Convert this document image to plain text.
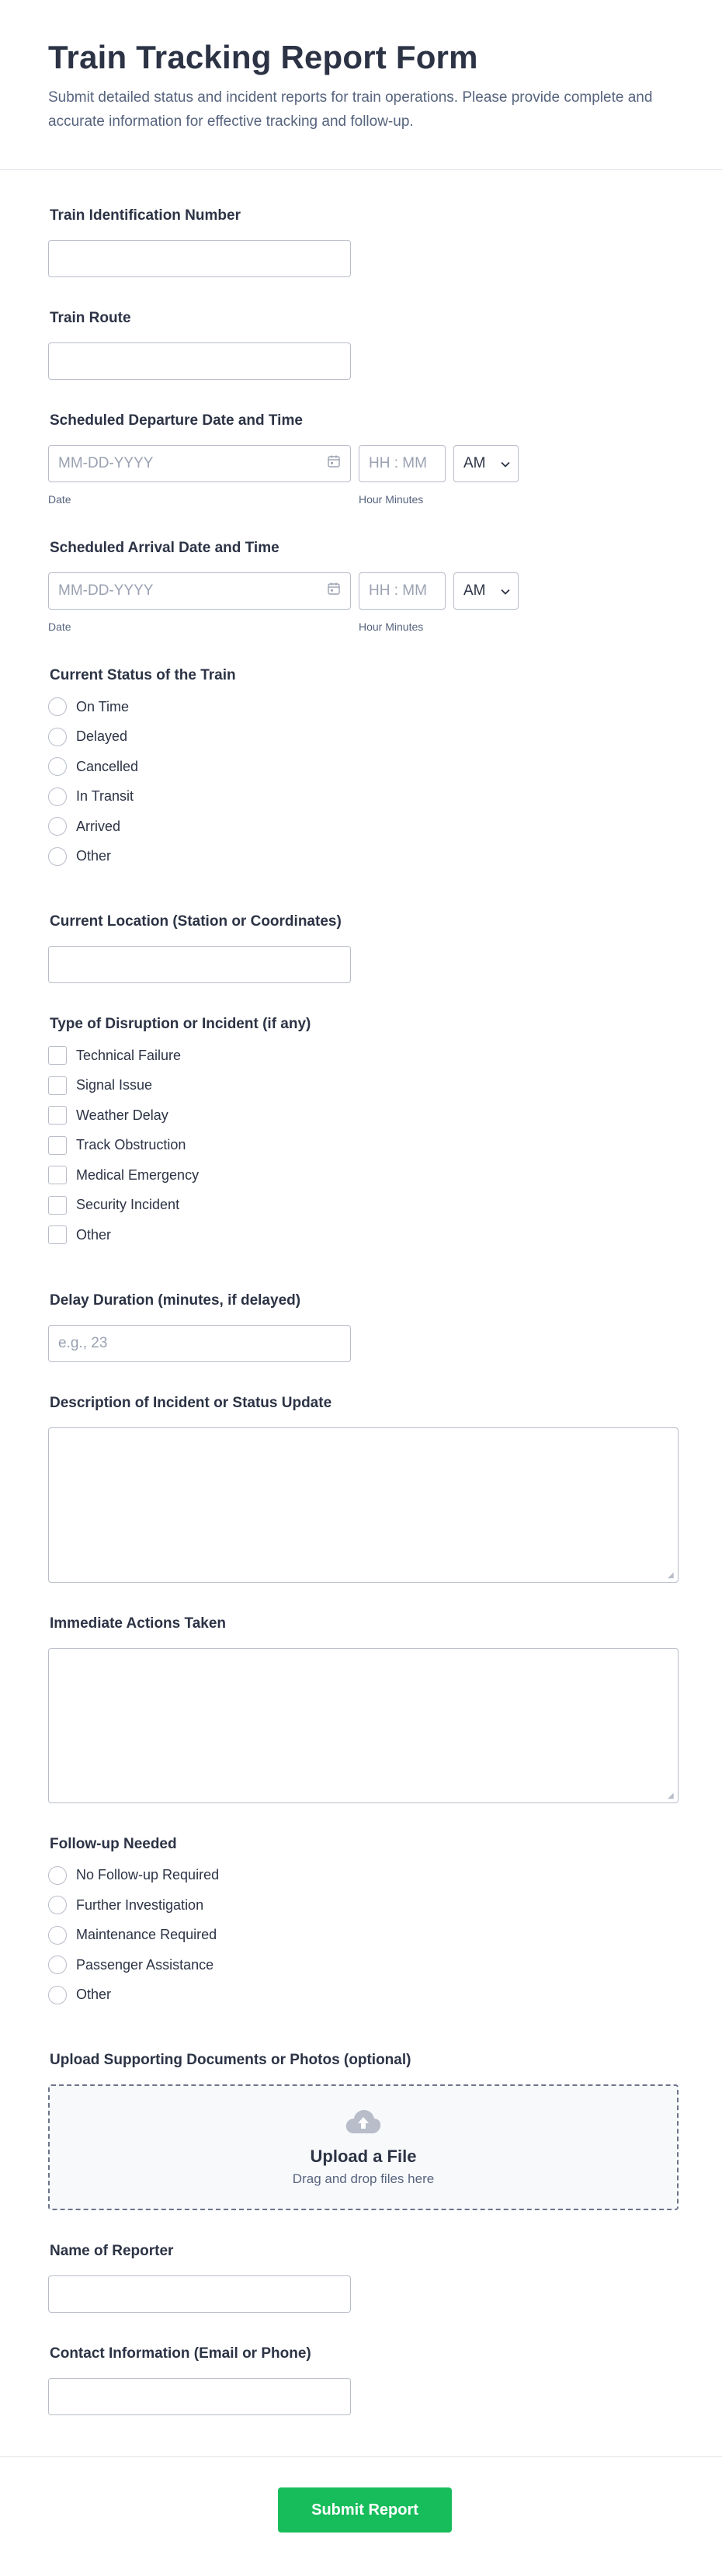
Train Tracking Report Form

Submit detailed status and incident reports for train operations. Please provide complete and accurate information for effective tracking and follow-up.

Train Identification Number
Train Route
Scheduled Departure Date and Time
MM-DD-YYYY
Date
HH : MM
Hour Minutes
AM
Scheduled Arrival Date and Time
MM-DD-YYYY
Date
HH : MM
Hour Minutes
AM
Current Status of the Train
On Time
Delayed
Cancelled
In Transit
Arrived
Other
Current Location (Station or Coordinates)
Type of Disruption or Incident (if any)
Technical Failure
Signal Issue
Weather Delay
Track Obstruction
Medical Emergency
Security Incident
Other
Delay Duration (minutes, if delayed)
e.g., 23
Description of Incident or Status Update
◢
Immediate Actions Taken
◢
Follow-up Needed
No Follow-up Required
Further Investigation
Maintenance Required
Passenger Assistance
Other
Upload Supporting Documents or Photos (optional)
Upload a File
Drag and drop files here
Name of Reporter
Contact Information (Email or Phone)
Submit Report
